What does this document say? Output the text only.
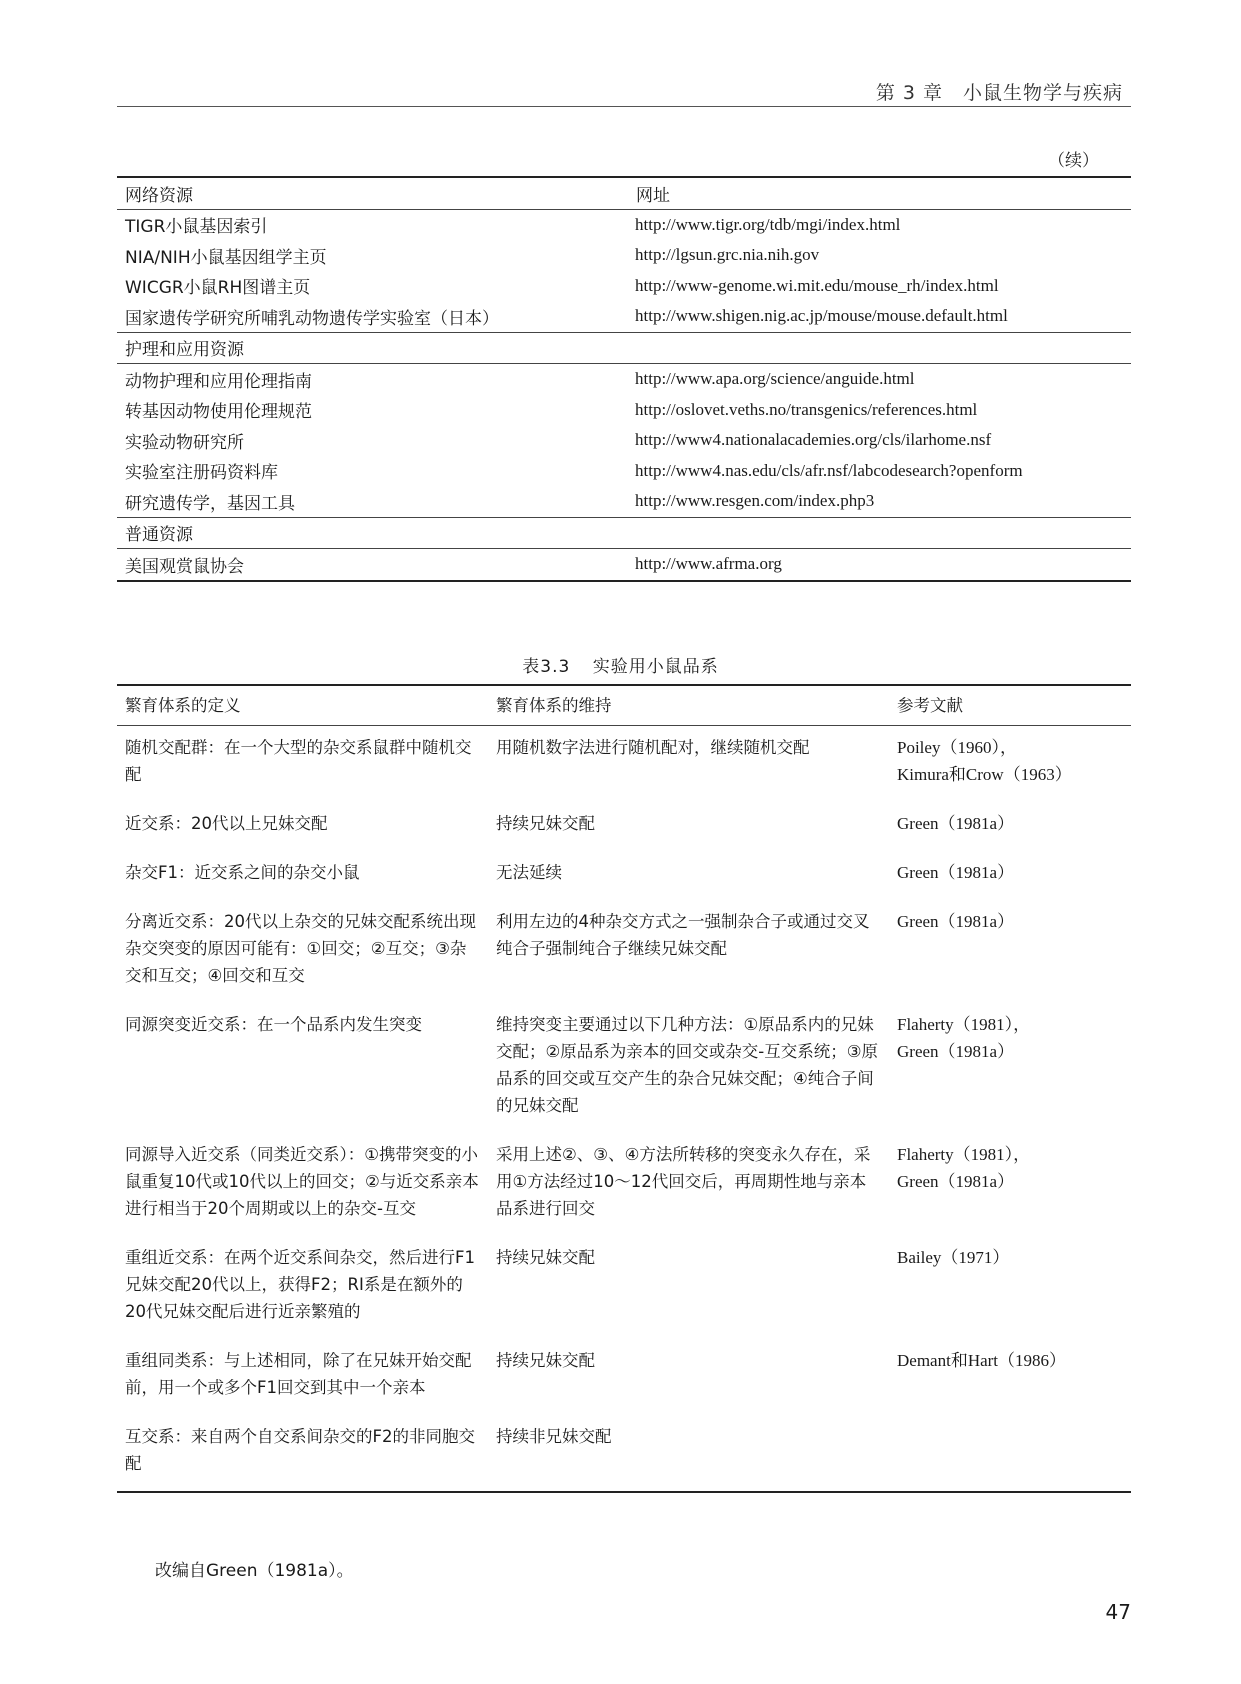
第 3 章　小鼠生物学与疾病
（续）
网络资源	网址
TIGR小鼠基因索引	http://www.tigr.org/tdb/mgi/index.html
NIA/NIH小鼠基因组学主页	http://lgsun.grc.nia.nih.gov
WICGR小鼠RH图谱主页	http://www-genome.wi.mit.edu/mouse_rh/index.html
国家遗传学研究所哺乳动物遗传学实验室（日本）	http://www.shigen.nig.ac.jp/mouse/mouse.default.html
护理和应用资源	
动物护理和应用伦理指南	http://www.apa.org/science/anguide.html
转基因动物使用伦理规范	http://oslovet.veths.no/transgenics/references.html
实验动物研究所	http://www4.nationalacademies.org/cls/ilarhome.nsf
实验室注册码资料库	http://www4.nas.edu/cls/afr.nsf/labcodesearch?openform
研究遗传学，基因工具	http://www.resgen.com/index.php3
普通资源	
美国观赏鼠协会	http://www.afrma.org
表3.3 实验用小鼠品系
繁育体系的定义	繁育体系的维持	参考文献
随机交配群：在一个大型的杂交系鼠群中随机交配	用随机数字法进行随机配对，继续随机交配	Poiley（1960），
Kimura和Crow（1963）

近交系：20代以上兄妹交配	持续兄妹交配	Green（1981a）

杂交F1：近交系之间的杂交小鼠	无法延续	Green（1981a）

分离近交系：20代以上杂交的兄妹交配系统出现杂交突变的原因可能有：①回交；②互交；③杂交和互交；④回交和互交	利用左边的4种杂交方式之一强制杂合子或通过交叉纯合子强制纯合子继续兄妹交配	Green（1981a）

同源突变近交系：在一个品系内发生突变	维持突变主要通过以下几种方法：①原品系内的兄妹交配；②原品系为亲本的回交或杂交-互交系统；③原品系的回交或互交产生的杂合兄妹交配；④纯合子间的兄妹交配	Flaherty（1981），
Green（1981a）

同源导入近交系（同类近交系）：①携带突变的小鼠重复10代或10代以上的回交；②与近交系亲本进行相当于20个周期或以上的杂交-互交	采用上述②、③、④方法所转移的突变永久存在，采用①方法经过10～12代回交后，再周期性地与亲本品系进行回交	Flaherty（1981），
Green（1981a）

重组近交系：在两个近交系间杂交，然后进行F1兄妹交配20代以上，获得F2；RI系是在额外的20代兄妹交配后进行近亲繁殖的	持续兄妹交配	Bailey（1971）

重组同类系：与上述相同，除了在兄妹开始交配前，用一个或多个F1回交到其中一个亲本	持续兄妹交配	Demant和Hart（1986）

互交系：来自两个自交系间杂交的F2的非同胞交配	持续非兄妹交配	
改编自Green（1981a）。
47
